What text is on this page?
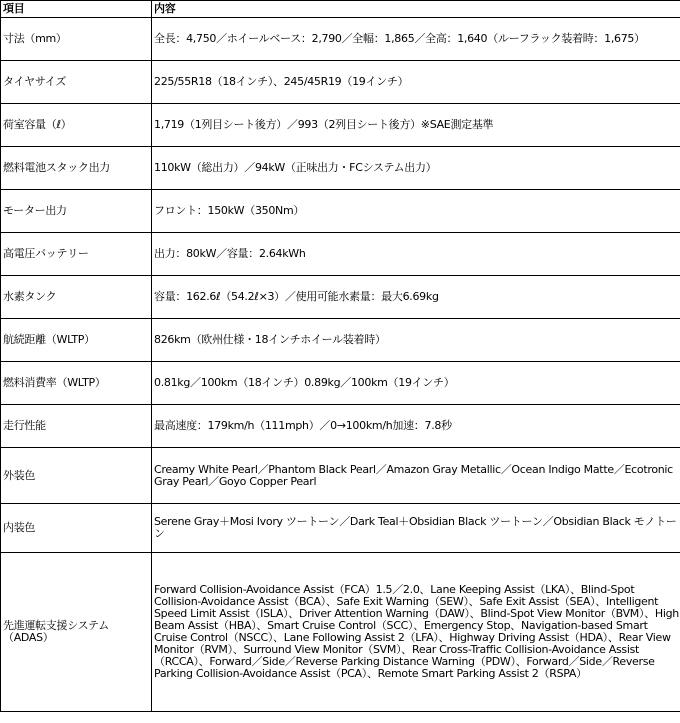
項目	内容
寸法（mm）	全長：4,750／ホイールベース：2,790／全幅：1,865／全高：1,640（ルーフラック装着時：1,675）
タイヤサイズ	225/55R18（18インチ）、245/45R19（19インチ）
荷室容量（ℓ）	1,719（1列目シート後方）／993（2列目シート後方）※SAE測定基準
燃料電池スタック出力	110kW（総出力）／94kW（正味出力・FCシステム出力）
モーター出力	フロント：150kW（350Nm）
高電圧バッテリー	出力：80kW／容量：2.64kWh
水素タンク	容量：162.6ℓ（54.2ℓ×3）／使用可能水素量：最大6.69kg
航続距離（WLTP）	826km（欧州仕様・18インチホイール装着時）
燃料消費率（WLTP）	0.81kg／100km（18インチ）0.89kg／100km（19インチ）
走行性能	最高速度：179km/h（111mph）／0→100km/h加速：7.8秒
外装色	Creamy White Pearl／Phantom Black Pearl／Amazon Gray Metallic／Ocean Indigo Matte／Ecotronic Gray Pearl／Goyo Copper Pearl
内装色	Serene Gray＋Mosi Ivory ツートーン／Dark Teal＋Obsidian Black ツートーン／Obsidian Black モノトーン
先進運転支援システム（ADAS）	Forward Collision-Avoidance Assist（FCA）1.5／2.0、Lane Keeping Assist（LKA）、Blind-Spot Collision-Avoidance Assist（BCA）、Safe Exit Warning（SEW）、Safe Exit Assist（SEA）、Intelligent Speed Limit Assist（ISLA）、Driver Attention Warning（DAW）、Blind-Spot View Monitor（BVM）、High Beam Assist（HBA）、Smart Cruise Control（SCC）、Emergency Stop、Navigation-based Smart Cruise Control（NSCC）、Lane Following Assist 2（LFA）、Highway Driving Assist（HDA）、Rear View Monitor（RVM）、Surround View Monitor（SVM）、Rear Cross-Traffic Collision-Avoidance Assist（RCCA）、Forward／Side／Reverse Parking Distance Warning（PDW）、Forward／Side／Reverse Parking Collision-Avoidance Assist（PCA）、Remote Smart Parking Assist 2（RSPA）
